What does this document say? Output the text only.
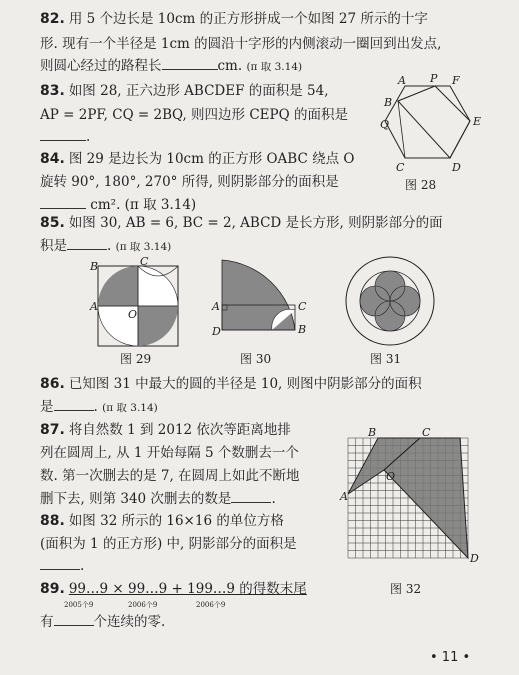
82. 用 5 个边长是 10cm 的正方形拼成一个如图 27 所示的十字
形. 现有一个半径是 1cm 的圆沿十字形的内侧滚动一圈回到出发点,
则圆心经过的路程长	cm. (π 取 3.14)
83. 如图 28, 正六边形 ABCDEF 的面积是 54,
AP = 2PF, CQ = 2BQ, 则四边形 CEPQ 的面积是
.
A P F
B
E
Q
C	D
图 28
84. 图 29 是边长为 10cm 的正方形 OABC 绕点 O
旋转 90°, 180°, 270° 所得, 则阴影部分的面积是
cm². (π 取 3.14)
85. 如图 30, AB = 6, BC = 2, ABCD 是长方形, 则阴影部分的面
积是	. (π 取 3.14)
B	C
A
O
图 29
A
D	B
C
图 30	图 31
86. 已知图 31 中最大的圆的半径是 10, 则图中阴影部分的面积
是	. (π 取 3.14)
87. 将自然数 1 到 2012 依次等距离地排
列在圆周上, 从 1 开始每隔 5 个数删去一个
数. 第一次删去的是 7, 在圆周上如此不断地
删下去, 则第 340 次删去的数是	.
88. 如图 32 所示的 16×16 的单位方格
(面积为 1 的正方形) 中, 阴影部分的面积是
.
A
B	C
D
O
图 32
89. 99…9 × 99…9 + 199…9 的得数末尾
2005个9	2006个9	2006个9
有	个连续的零.
• 11 •
